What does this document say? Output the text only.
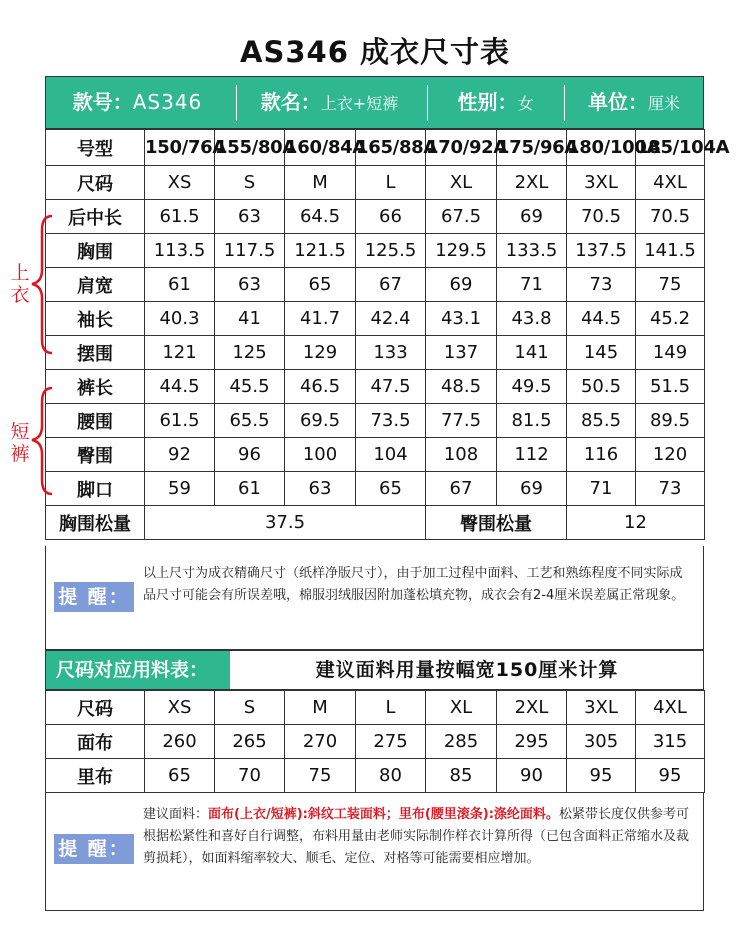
AS346 成衣尺寸表
款号：AS346	款名：上衣+短裤	性别：女	单位：厘米
号型	150/76A	155/80A	160/84A	165/88A	170/92A	175/96A	180/100A	185/104A
尺码	XS	S	M	L	XL	2XL	3XL	4XL
后中长	61.5	63	64.5	66	67.5	69	70.5	70.5
胸围	113.5	117.5	121.5	125.5	129.5	133.5	137.5	141.5
肩宽	61	63	65	67	69	71	73	75
袖长	40.3	41	41.7	42.4	43.1	43.8	44.5	45.2
摆围	121	125	129	133	137	141	145	149
裤长	44.5	45.5	46.5	47.5	48.5	49.5	50.5	51.5
腰围	61.5	65.5	69.5	73.5	77.5	81.5	85.5	89.5
臀围	92	96	100	104	108	112	116	120
脚口	59	61	63	65	67	69	71	73
胸围松量	37.5				臀围松量		12	
上衣
短裤
提 醒：
以上尺寸为成衣精确尺寸（纸样净版尺寸），由于加工过程中面料、工艺和熟练程度不同实际成品尺寸可能会有所误差哦，棉服羽绒服因附加蓬松填充物，成衣会有2-4厘米误差属正常现象。
尺码对应用料表：	建议面料用量按幅宽150厘米计算
尺码	XS	S	M	L	XL	2XL	3XL	4XL
面布	260	265	270	275	285	295	305	315
里布	65	70	75	80	85	90	95	95
提 醒：
建议面料：面布(上衣/短裤):斜纹工装面料；里布(腰里滚条):涤纶面料。松紧带长度仅供参考可根据松紧性和喜好自行调整，布料用量由老师实际制作样衣计算所得（已包含面料正常缩水及裁剪损耗），如面料缩率较大、顺毛、定位、对格等可能需要相应增加。
